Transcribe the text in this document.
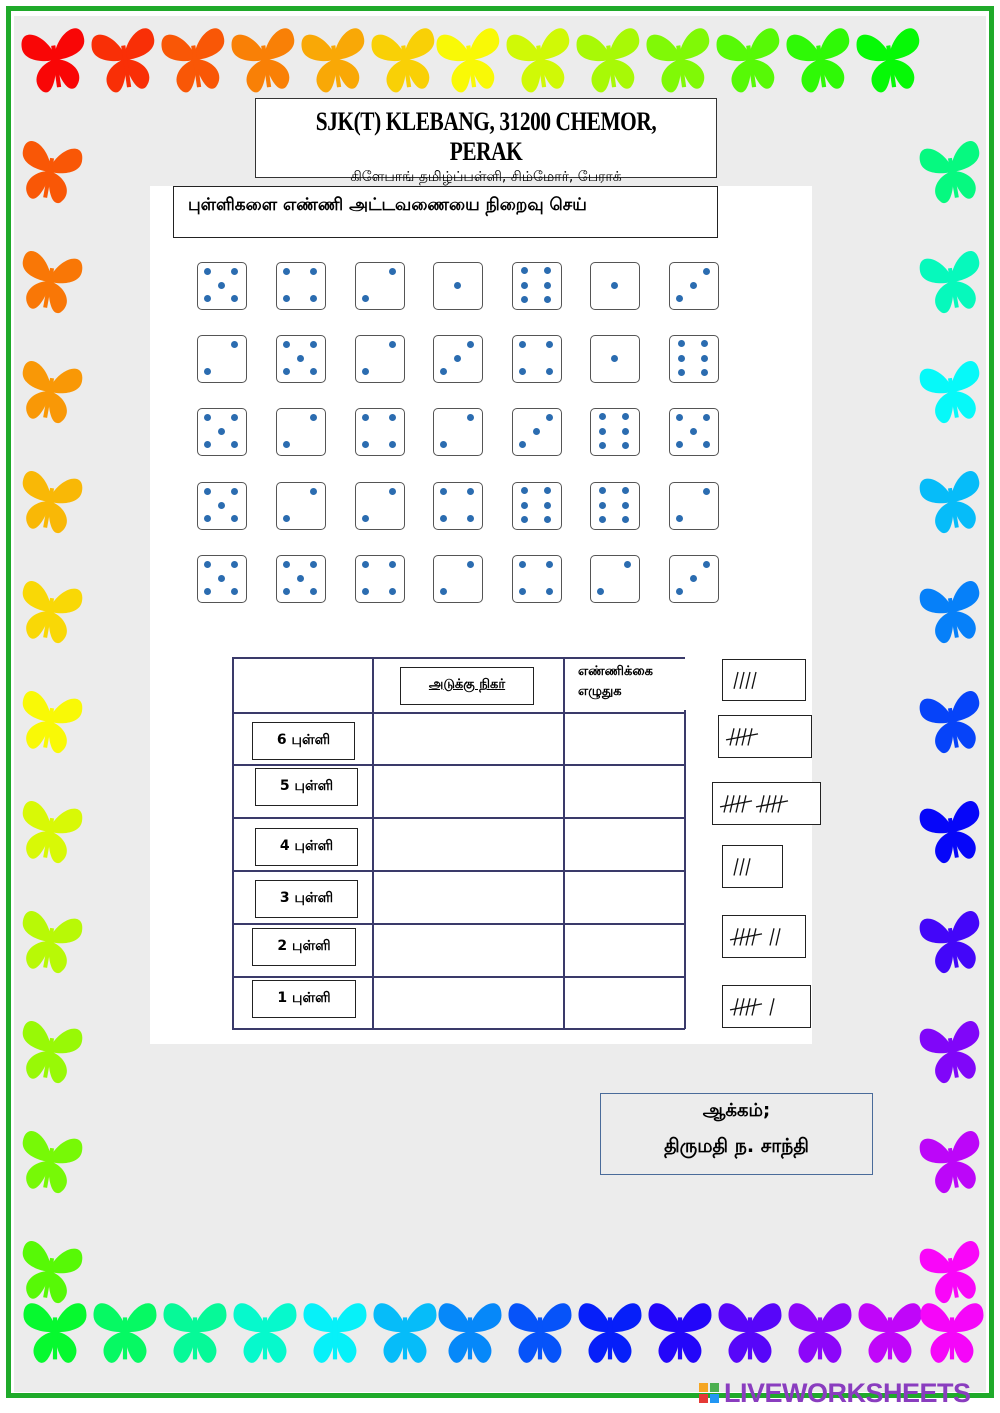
SJK(T) KLEBANG, 31200 CHEMOR, PERAK
கிளேபாங் தமிழ்ப்பள்ளி, சிம்மோர், பேராக்
புள்ளிகளை எண்ணி அட்டவணையை நிறைவு செய்
அடுக்கு நிகர்
எண்ணிக்கை
எழுதுக
6 புள்ளி
5 புள்ளி
4 புள்ளி
3 புள்ளி
2 புள்ளி
1 புள்ளி
ஆக்கம்;
திருமதி ந. சாந்தி
LIVEWORKSHEETS
